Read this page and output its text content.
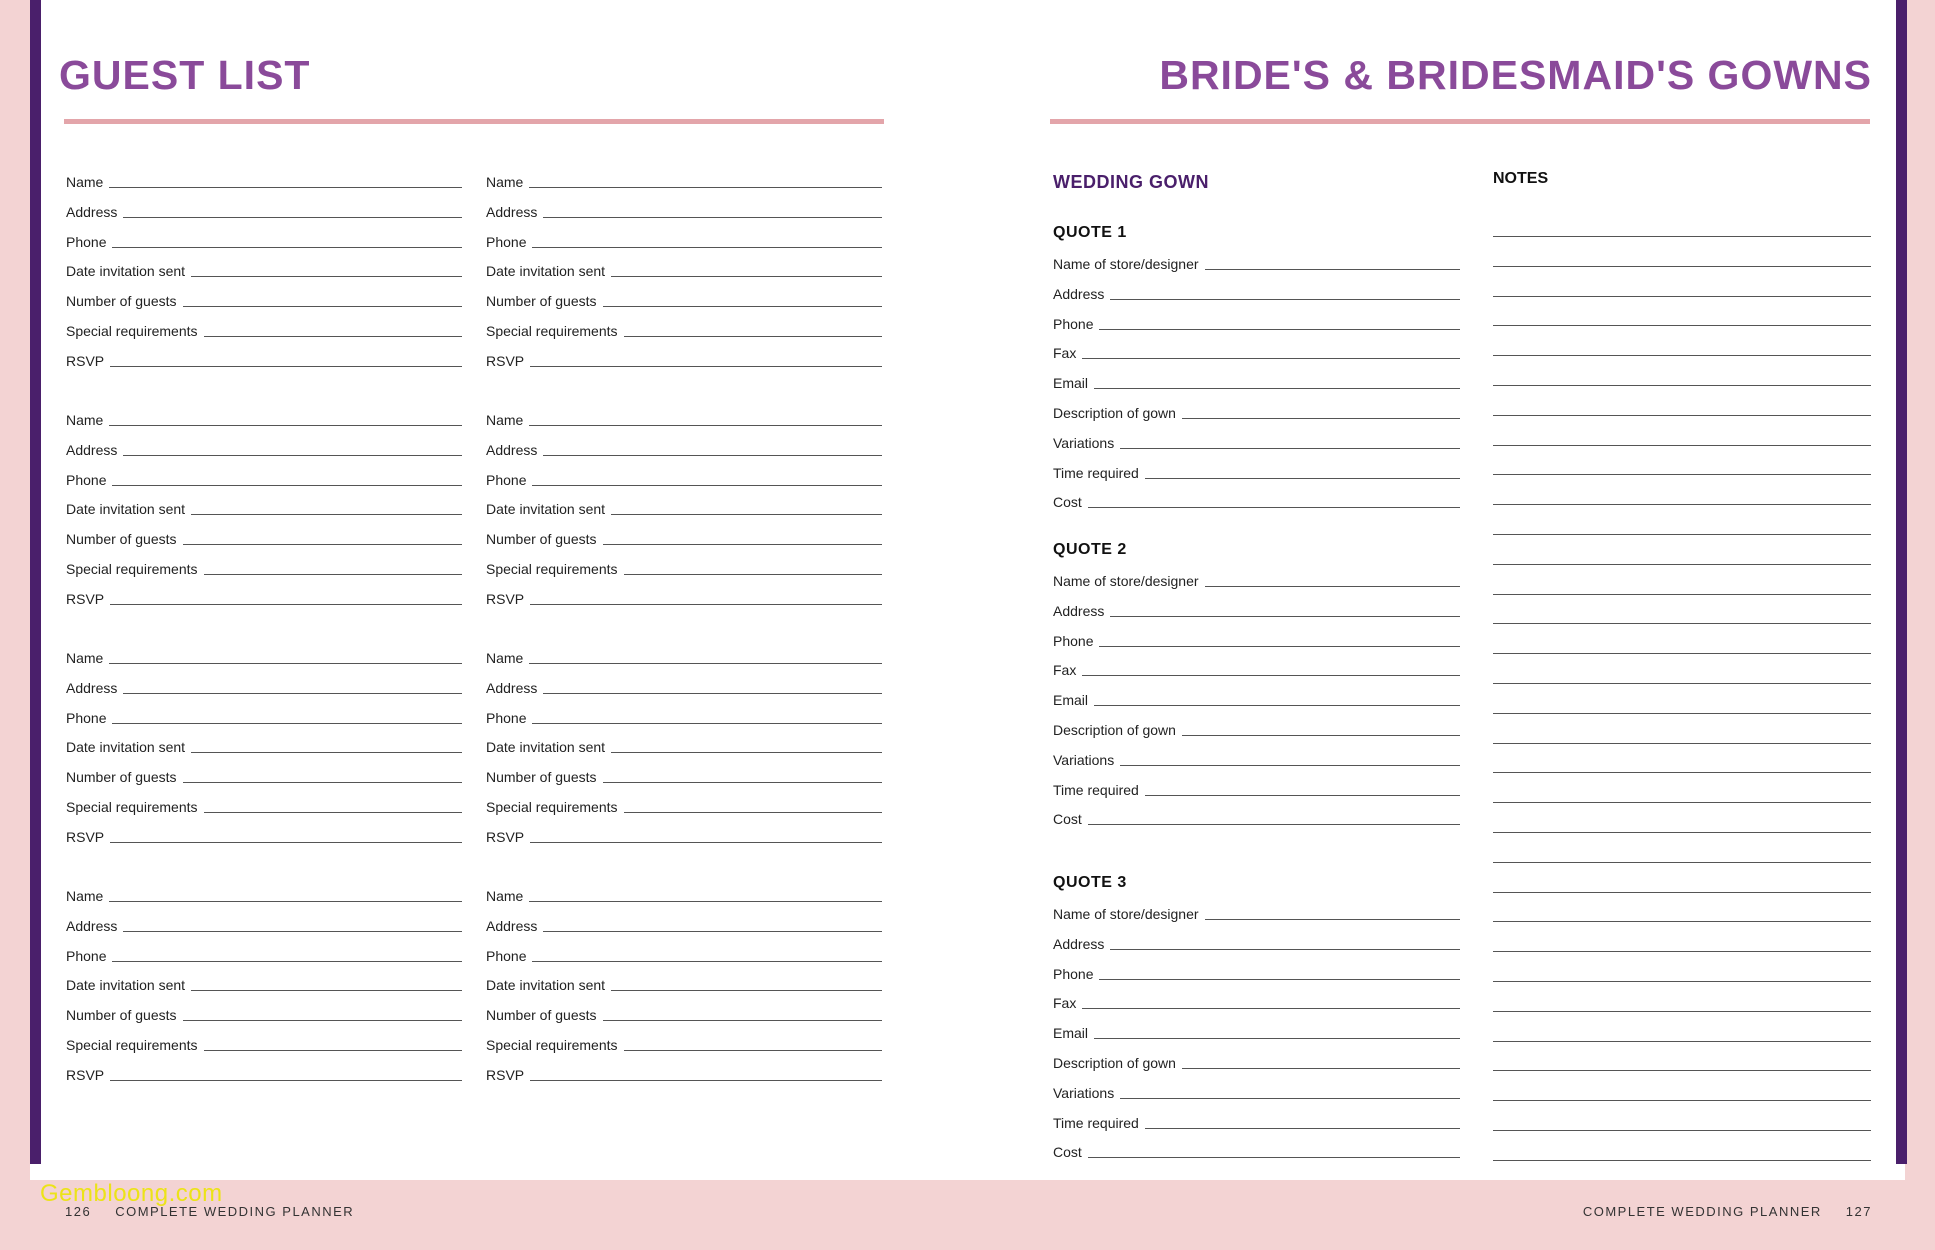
GUEST LIST	BRIDE'S & BRIDESMAID'S GOWNS
Name
Address
Phone
Date invitation sent
Number of guests
Special requirements
RSVP
Name
Address
Phone
Date invitation sent
Number of guests
Special requirements
RSVP
Name
Address
Phone
Date invitation sent
Number of guests
Special requirements
RSVP
Name
Address
Phone
Date invitation sent
Number of guests
Special requirements
RSVP
Name
Address
Phone
Date invitation sent
Number of guests
Special requirements
RSVP
Name
Address
Phone
Date invitation sent
Number of guests
Special requirements
RSVP
Name
Address
Phone
Date invitation sent
Number of guests
Special requirements
RSVP
Name
Address
Phone
Date invitation sent
Number of guests
Special requirements
RSVP
WEDDING GOWN
QUOTE 1
Name of store/designer
Address
Phone
Fax
Email
Description of gown
Variations
Time required
Cost
QUOTE 2
Name of store/designer
Address
Phone
Fax
Email
Description of gown
Variations
Time required
Cost
QUOTE 3
Name of store/designer
Address
Phone
Fax
Email
Description of gown
Variations
Time required
Cost
NOTES
126 COMPLETE WEDDING PLANNER	COMPLETE WEDDING PLANNER 127
Gembloong.com
